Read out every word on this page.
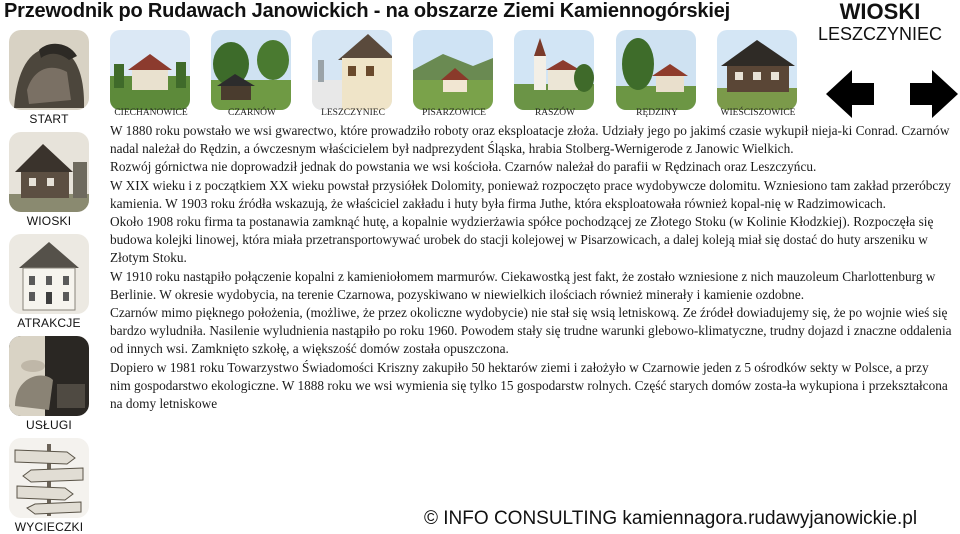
Przewodnik po Rudawach Janowickich - na obszarze Ziemi Kamiennogórskiej	WIOSKI
LESZCZYNIEC
START
WIOSKI
ATRAKCJE
USŁUGI
WYCIECZKI
CIECHANOWICE	CZARNÓW	LESZCZYNIEC	PISARZOWICE	RASZÓW	RĘDZINY	WIEŚCISZOWICE

W 1880 roku powstało we wsi gwarectwo, które prowadziło roboty oraz eksploatacje złoża. Udziały jego po jakimś czasie wykupił nieja-ki Conrad. Czarnów nadal należał do Rędzin, a ówczesnym właścicielem był nadprezydent Śląska, hrabia Stolberg-Wernigerode z Janowic Wielkich.

Rozwój górnictwa nie doprowadził jednak do powstania we wsi kościoła. Czarnów należał do parafii w Rędzinach oraz Leszczyńcu.

W XIX wieku i z początkiem XX wieku powstał przysiółek Dolomity, ponieważ rozpoczęto prace wydobywcze dolomitu. Wzniesiono tam zakład przeróbczy kamienia. W 1903 roku źródła wskazują, że właściciel zakładu i huty była firma Juthe, która eksploatowała również kopal-nię w Radzimowicach.

Około 1908 roku firma ta postanawia zamknąć hutę, a kopalnie wydzierżawia spółce pochodzącej ze Złotego Stoku (w Kolinie Kłodzkiej). Rozpoczęła się budowa kolejki linowej, która miała przetransportowywać urobek do stacji kolejowej w Pisarzowicach, a dalej koleją miał się dostać do huty arszeniku w Złotym Stoku.

W 1910 roku nastąpiło połączenie kopalni z kamieniołomem marmurów. Ciekawostką jest fakt, że zostało wzniesione z nich mauzoleum Charlottenburg w Berlinie. W okresie wydobycia, na terenie Czarnowa, pozyskiwano w niewielkich ilościach również minerały i kamienie ozdobne.

Czarnów mimo pięknego położenia, (możliwe, że przez okoliczne wydobycie) nie stał się wsią letniskową. Ze źródeł dowiadujemy się, że po wojnie wieś się bardzo wyludniła. Nasilenie wyludnienia nastąpiło po roku 1960. Powodem stały się trudne warunki glebowo-klimatyczne, trudny dojazd i znaczne oddalenia od innych wsi. Zamknięto szkołę, a większość domów została opuszczona.

Dopiero w 1981 roku Towarzystwo Świadomości Kriszny zakupiło 50 hektarów ziemi i założyło w Czarnowie jeden z 5 ośrodków sekty w Polsce, a przy nim gospodarstwo ekologiczne. W 1888 roku we wsi wymienia się tylko 15 gospodarstw rolnych. Część starych domów zosta-ła wykupiona i przekształcona na domy letniskowe

© INFO CONSULTING kamiennagora.rudawyjanowickie.pl
